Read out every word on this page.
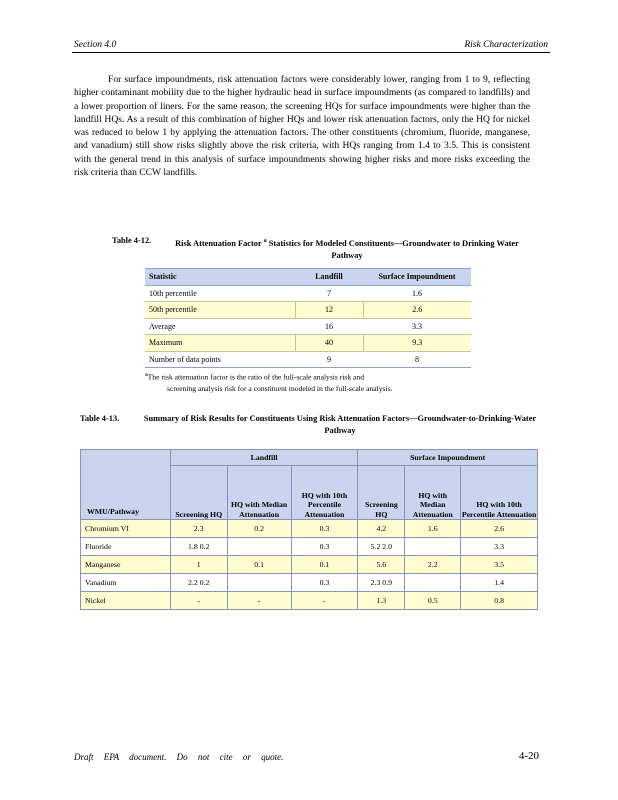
Section 4.0	Risk Characterization

For surface impoundments, risk attenuation factors were considerably lower, ranging from 1 to 9, reflecting higher contaminant mobility due to the higher hydraulic head in surface impoundments (as compared to landfills) and a lower proportion of liners. For the same reason, the screening HQs for surface impoundments were higher than the landfill HQs. As a result of this combination of higher HQs and lower risk attenuation factors, only the HQ for nickel was reduced to below 1 by applying the attenuation factors. The other constituents (chromium, fluoride, manganese, and vanadium) still show risks slightly above the risk criteria, with HQs ranging from 1.4 to 3.5. This is consistent with the general trend in this analysis of surface impoundments showing higher risks and more risks exceeding the risk criteria than CCW landfills.

Table 4-12.	Risk Attenuation Factor $^a$ Statistics for Modeled Constituents—Groundwater to Drinking Water Pathway
Statistic	Landfill	Surface Impoundment
10th percentile	7	1.6
50th percentile	12	2.6
Average	16	3.3
Maximum	40	9.3
Number of data points	9	8
$^a$The risk attenuation factor is the ratio of the full-scale analysis risk and
screening analysis risk for a constituent modeled in the full-scale analysis.
Table 4-13.	Summary of Risk Results for Constituents Using Risk Attenuation Factors—Groundwater-to-Drinking-Water Pathway
WMU/Pathway	Landfill			Surface Impoundment		
	Screening HQ	HQ with Median Attenuation	HQ with 10th Percentile Attenuation	Screening HQ	HQ with Median Attenuation	HQ with 10th Percentile Attenuation
Chromium VI	2.3	0.2	0.3	4.2	1.6	2.6
Fluoride	1.8 0.2		0.3	5.2 2.0		3.3
Manganese	1	0.1	0.1	5.6	2.2	3.5
Vanadium	2.2 0.2		0.3	2.3 0.9		1.4
Nickel	-	-	-	1.3	0.5	0.8
Draft EPA document. Do not cite or quote.	4-20
